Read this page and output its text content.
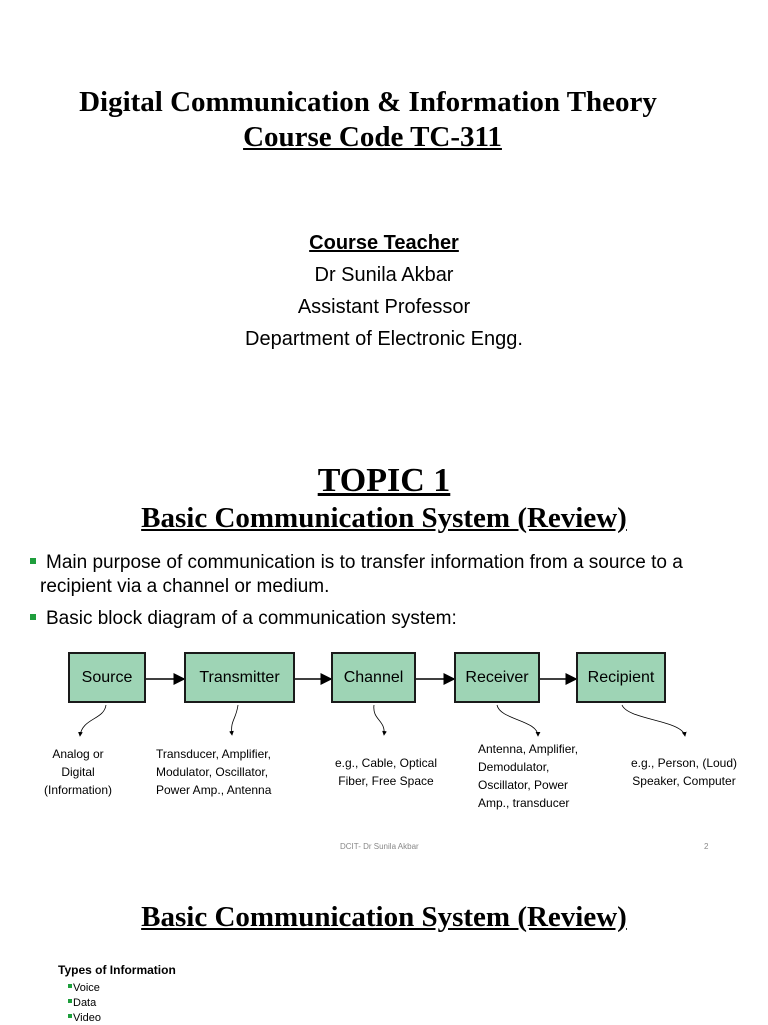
Digital Communication & Information Theory
Course Code TC-311
Course Teacher
Dr Sunila Akbar
Assistant Professor
Department of Electronic Engg.
TOPIC 1
Basic Communication System (Review)
Main purpose of communication is to transfer information from a source to a
recipient via a channel or medium.
Basic block diagram of a communication system:
Source	Transmitter	Channel	Receiver	Recipient
Analog or
Digital
(Information)
Transducer, Amplifier,
Modulator, Oscillator,
Power Amp., Antenna
e.g., Cable, Optical
Fiber, Free Space
Antenna, Amplifier,
Demodulator,
Oscillator, Power
Amp., transducer
e.g., Person, (Loud)
Speaker, Computer
DCIT- Dr Sunila Akbar	2
Basic Communication System (Review)
Types of Information
Voice
Data
Video
